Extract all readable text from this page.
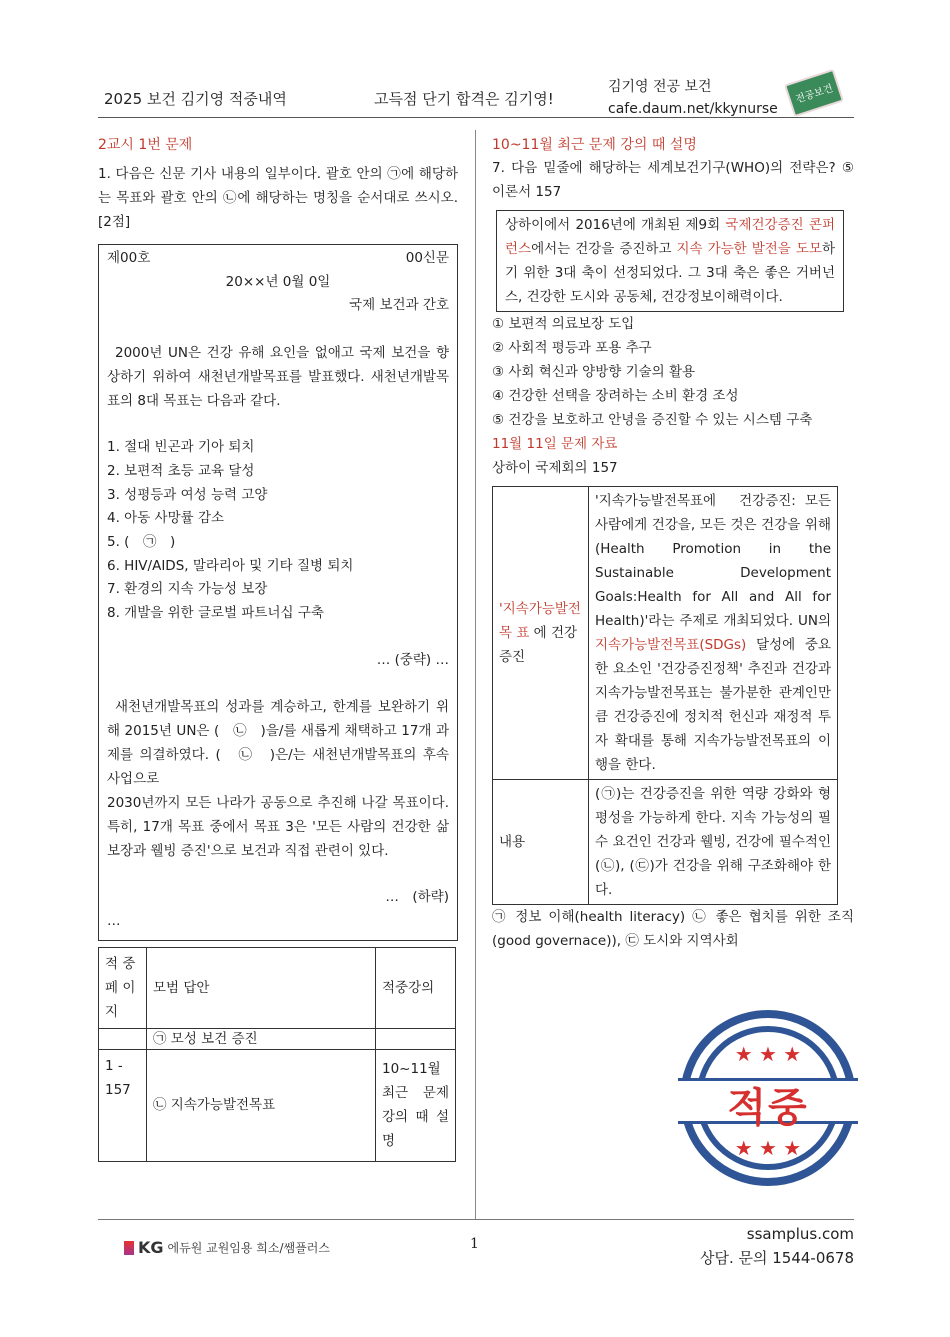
2025 보건 김기영 적중내역	고득점 단기 합격은 김기영!
김기영 전공 보건
cafe.daum.net/kkynurse
전공보건
2교시 1번 문제
1. 다음은 신문 기사 내용의 일부이다. 괄호 안의 ㉠에 해당하는 목표와 괄호 안의 ㉡에 해당하는 명칭을 순서대로 쓰시오. [2점]
제00호	00신문
20××년 0월 0일
국제 보건과 간호
2000년 UN은 건강 유해 요인을 없애고 국제 보건을 향상하기 위하여 새천년개발목표를 발표했다. 새천년개발목표의 8대 목표는 다음과 같다.
1. 절대 빈곤과 기아 퇴치
2. 보편적 초등 교육 달성
3. 성평등과 여성 능력 고양
4. 아동 사망률 감소
5. (　㉠　)
6. HIV/AIDS, 말라리아 및 기타 질병 퇴치
7. 환경의 지속 가능성 보장
8. 개발을 위한 글로벌 파트너십 구축
… (중략) …
새천년개발목표의 성과를 계승하고, 한계를 보완하기 위해 2015년 UN은 (　㉡　)을/를 새롭게 채택하고 17개 과제를 의결하였다. (　㉡　)은/는 새천년개발목표의 후속 사업으로
2030년까지 모든 나라가 공동으로 추진해 나갈 목표이다. 특히, 17개 목표 중에서 목표 3은 '모든 사람의 건강한 삶 보장과 웰빙 증진'으로 보건과 직접 관련이 있다.
…　(하략)
…
적 중 페 이 지	모범 답안	적중강의
	㉠ 모성 보건 증진	
1 - 157	㉡ 지속가능발전목표	10~11월 최근 문제 강의 때 설명
10~11월 최근 문제 강의 때 설명
7. 다음 밑줄에 해당하는 세계보건기구(WHO)의 전략은? ⑤ 이론서 157
상하이에서 2016년에 개최된 제9회 국제건강증진 콘퍼런스에서는 건강을 증진하고 지속 가능한 발전을 도모하기 위한 3대 축이 선정되었다. 그 3대 축은 좋은 거버넌스, 건강한 도시와 공동체, 건강정보이해력이다.
① 보편적 의료보장 도입
② 사회적 평등과 포용 추구
③ 사회 혁신과 양방향 기술의 활용
④ 건강한 선택을 장려하는 소비 환경 조성
⑤ 건강을 보호하고 안녕을 증진할 수 있는 시스템 구축
11월 11일 문제 자료
상하이 국제회의 157
'지속가능발전 목 표 에 건강증진	'지속가능발전목표에　건강증진: 모든 사람에게 건강을, 모든 것은 건강을 위해(Health Promotion in the Sustainable Development Goals:Health for All and All for Health)'라는 주제로 개최되었다. UN의 지속가능발전목표(SDGs) 달성에 중요한 요소인 '건강증진정책' 추진과 건강과 지속가능발전목표는 불가분한 관계인만큼 건강증진에 정치적 헌신과 재정적 투자 확대를 통해 지속가능발전목표의 이행을 한다.
내용	(㉠)는 건강증진을 위한 역량 강화와 형평성을 가능하게 한다. 지속 가능성의 필수 요건인 건강과 웰빙, 건강에 필수적인 (㉡), (㉢)가 건강을 위해 구조화해야 한다.
㉠ 정보 이해(health literacy) ㉡ 좋은 협치를 위한 조직(good governace)), ㉢ 도시와 지역사회
★ ★ ★
적중
★ ★ ★
KG 에듀원 교원임용 희소/쌤플러스	1
ssamplus.com
상담. 문의 1544-0678
